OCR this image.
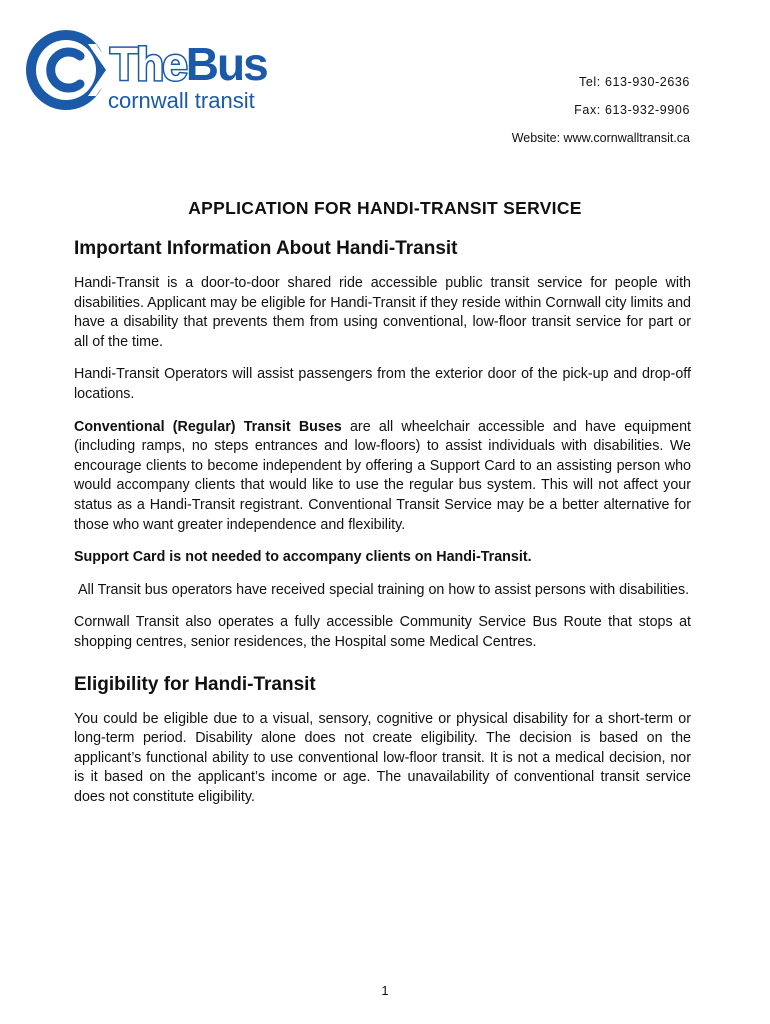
TheBus
cornwall transit
Tel: 613-930-2636
Fax: 613-932-9906
Website: www.cornwalltransit.ca
APPLICATION FOR HANDI-TRANSIT SERVICE
Important Information About Handi-Transit

Handi-Transit is a door-to-door shared ride accessible public transit service for people with disabilities. Applicant may be eligible for Handi-Transit if they reside within Cornwall city limits and have a disability that prevents them from using conventional, low-floor transit service for part or all of the time.

Handi-Transit Operators will assist passengers from the exterior door of the pick-up and drop-off locations.

Conventional (Regular) Transit Buses are all wheelchair accessible and have equipment (including ramps, no steps entrances and low-floors) to assist individuals with disabilities. We encourage clients to become independent by offering a Support Card to an assisting person who would accompany clients that would like to use the regular bus system. This will not affect your status as a Handi-Transit registrant. Conventional Transit Service may be a better alternative for those who want greater independence and flexibility.

Support Card is not needed to accompany clients on Handi-Transit.

All Transit bus operators have received special training on how to assist persons with disabilities.

Cornwall Transit also operates a fully accessible Community Service Bus Route that stops at shopping centres, senior residences, the Hospital some Medical Centres.

Eligibility for Handi-Transit

You could be eligible due to a visual, sensory, cognitive or physical disability for a short-term or long-term period. Disability alone does not create eligibility. The decision is based on the applicant’s functional ability to use conventional low-floor transit. It is not a medical decision, nor is it based on the applicant’s income or age. The unavailability of conventional transit service does not constitute eligibility.

1
